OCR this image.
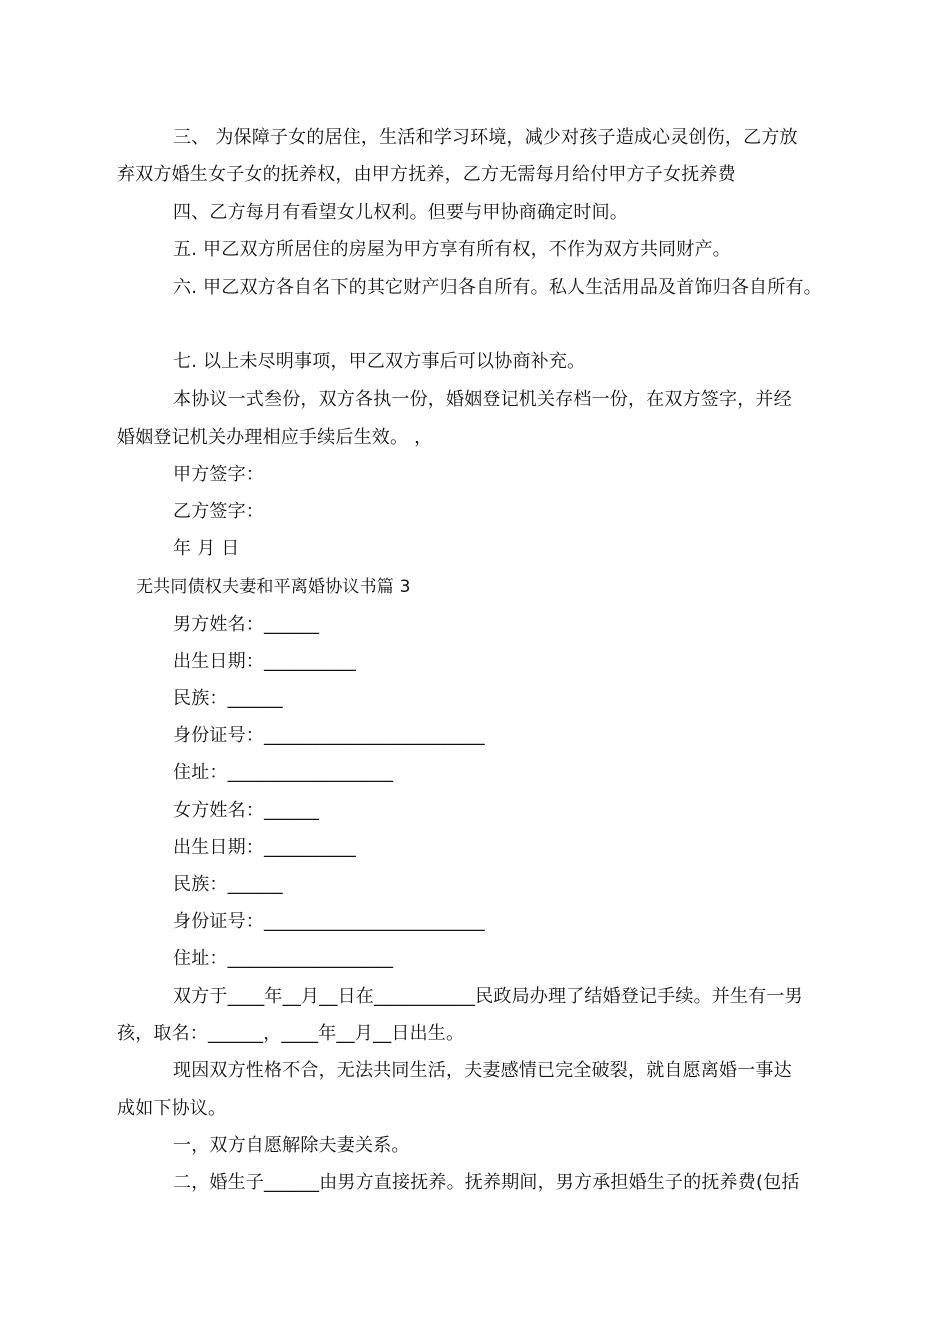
三、 为保障子女的居住，生活和学习环境，减少对孩子造成心灵创伤，乙方放
弃双方婚生女子女的抚养权，由甲方抚养，乙方无需每月给付甲方子女抚养费
四、乙方每月有看望女儿权利。但要与甲协商确定时间。
五. 甲乙双方所居住的房屋为甲方享有所有权，不作为双方共同财产。
六. 甲乙双方各自名下的其它财产归各自所有。私人生活用品及首饰归各自所有。
七. 以上未尽明事项，甲乙双方事后可以协商补充。
本协议一式叁份，双方各执一份，婚姻登记机关存档一份，在双方签字，并经
婚姻登记机关办理相应手续后生效。 ，
甲方签字：
乙方签字：
年 月 日
无共同债权夫妻和平离婚协议书篇 3
男方姓名：______
出生日期：__________
民族：______
身份证号：________________________
住址：__________________
女方姓名：______
出生日期：__________
民族：______
身份证号：________________________
住址：__________________
双方于____年__月__日在___________民政局办理了结婚登记手续。并生有一男
孩，取名：______，____年__月__日出生。
现因双方性格不合，无法共同生活，夫妻感情已完全破裂，就自愿离婚一事达
成如下协议。
一，双方自愿解除夫妻关系。
二，婚生子______由男方直接抚养。抚养期间，男方承担婚生子的抚养费(包括
